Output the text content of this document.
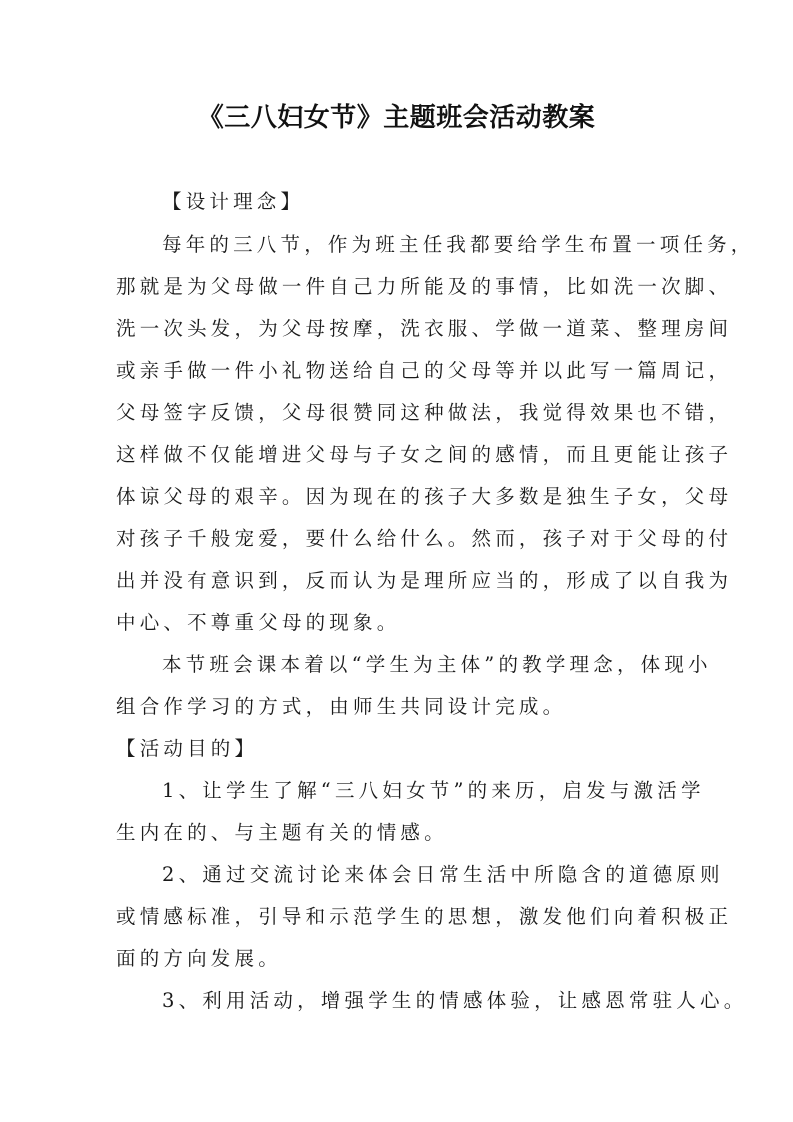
《三八妇女节》主题班会活动教案
【设计理念】
每年的三八节，作为班主任我都要给学生布置一项任务，
那就是为父母做一件自己力所能及的事情，比如洗一次脚、
洗一次头发，为父母按摩，洗衣服、学做一道菜、整理房间
或亲手做一件小礼物送给自己的父母等并以此写一篇周记，
父母签字反馈，父母很赞同这种做法，我觉得效果也不错，
这样做不仅能增进父母与子女之间的感情，而且更能让孩子
体谅父母的艰辛。因为现在的孩子大多数是独生子女，父母
对孩子千般宠爱，要什么给什么。然而，孩子对于父母的付
出并没有意识到，反而认为是理所应当的，形成了以自我为
中心、不尊重父母的现象。
本节班会课本着以“学生为主体”的教学理念，体现小
组合作学习的方式，由师生共同设计完成。
【活动目的】
1、让学生了解“三八妇女节”的来历，启发与激活学
生内在的、与主题有关的情感。
2、通过交流讨论来体会日常生活中所隐含的道德原则
或情感标准，引导和示范学生的思想，激发他们向着积极正
面的方向发展。
3、利用活动，增强学生的情感体验，让感恩常驻人心。
